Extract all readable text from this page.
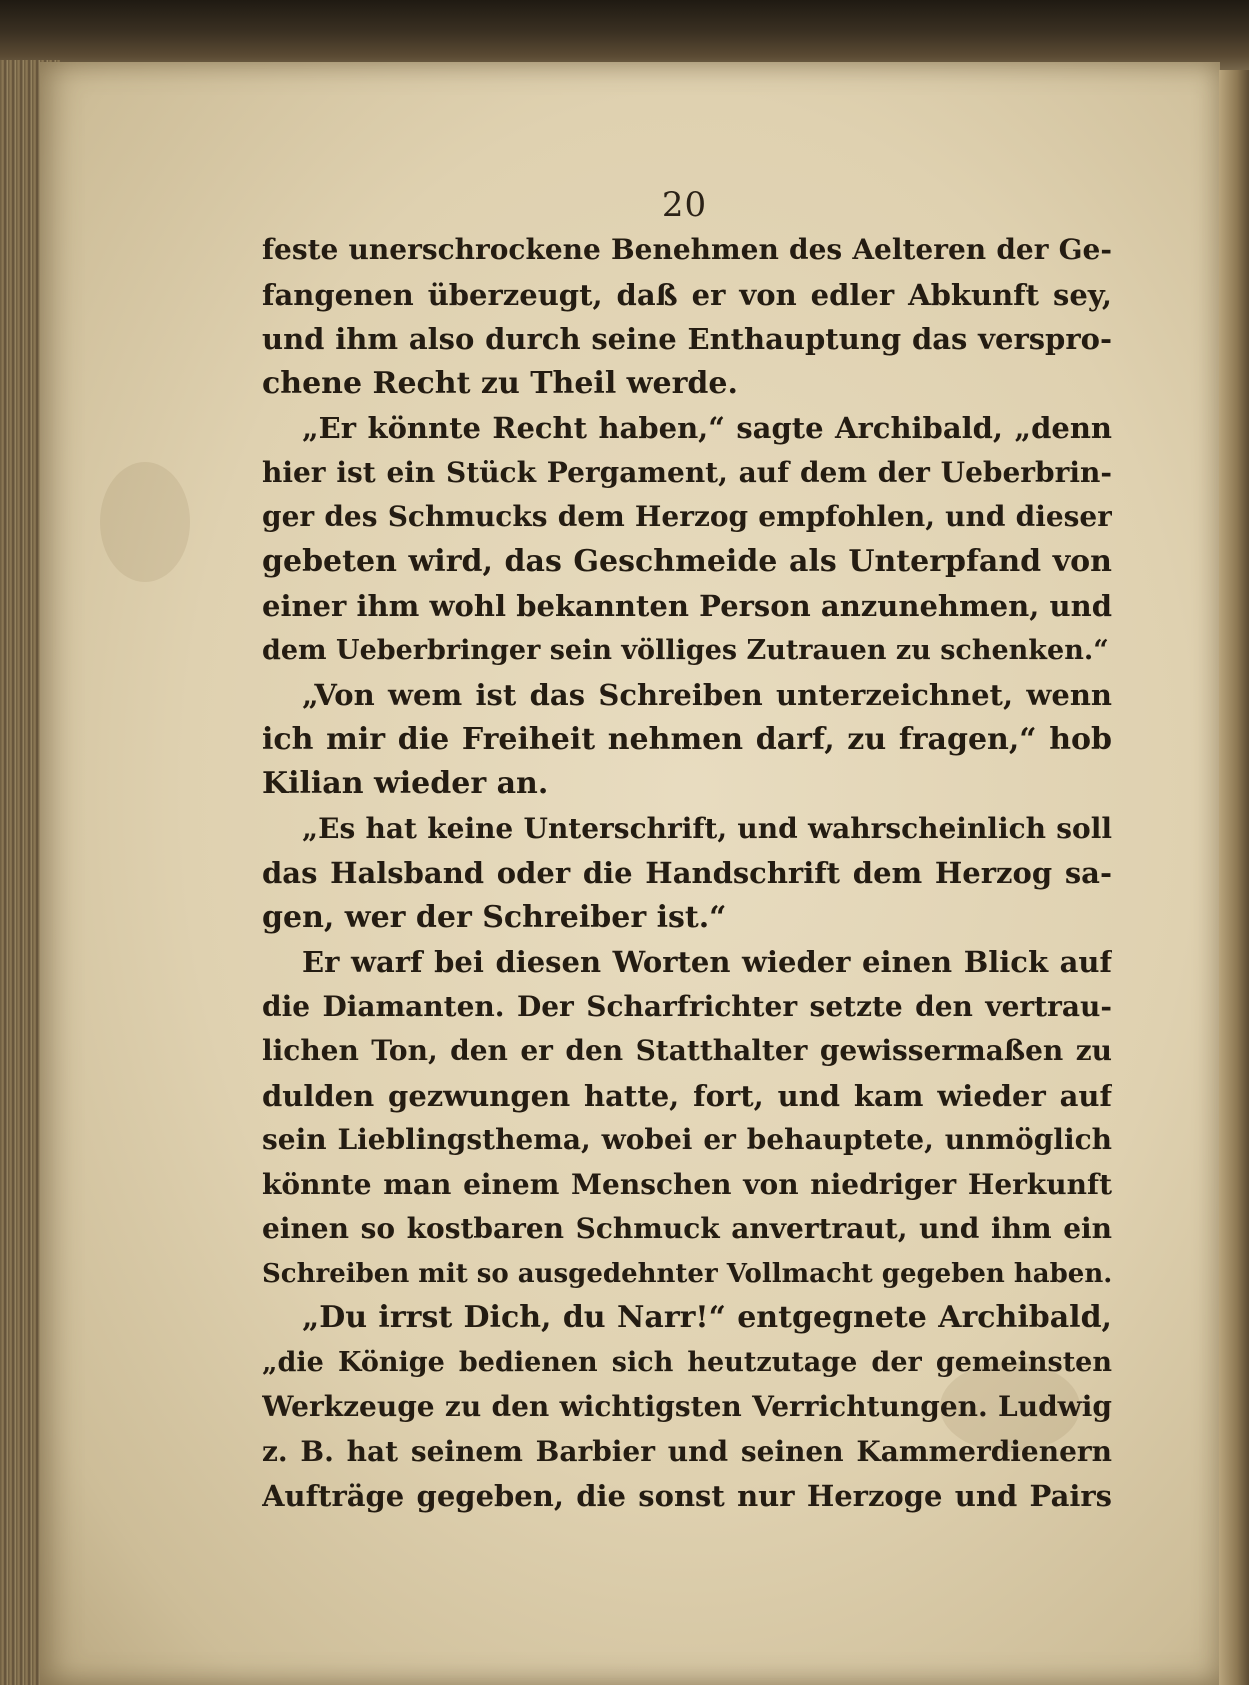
20
feste unerschrockene Benehmen des Aelteren der Ge-
fangenen überzeugt, daß er von edler Abkunft sey,
und ihm also durch seine Enthauptung das verspro-
chene Recht zu Theil werde.
„Er könnte Recht haben,“ sagte Archibald, „denn
hier ist ein Stück Pergament, auf dem der Ueberbrin-
ger des Schmucks dem Herzog empfohlen, und dieser
gebeten wird, das Geschmeide als Unterpfand von
einer ihm wohl bekannten Person anzunehmen, und
dem Ueberbringer sein völliges Zutrauen zu schenken.“
„Von wem ist das Schreiben unterzeichnet, wenn
ich mir die Freiheit nehmen darf, zu fragen,“ hob
Kilian wieder an.
„Es hat keine Unterschrift, und wahrscheinlich soll
das Halsband oder die Handschrift dem Herzog sa-
gen, wer der Schreiber ist.“
Er warf bei diesen Worten wieder einen Blick auf
die Diamanten. Der Scharfrichter setzte den vertrau-
lichen Ton, den er den Statthalter gewissermaßen zu
dulden gezwungen hatte, fort, und kam wieder auf
sein Lieblingsthema, wobei er behauptete, unmöglich
könnte man einem Menschen von niedriger Herkunft
einen so kostbaren Schmuck anvertraut, und ihm ein
Schreiben mit so ausgedehnter Vollmacht gegeben haben.
„Du irrst Dich, du Narr!“ entgegnete Archibald,
„die Könige bedienen sich heutzutage der gemeinsten
Werkzeuge zu den wichtigsten Verrichtungen. Ludwig
z. B. hat seinem Barbier und seinen Kammerdienern
Aufträge gegeben, die sonst nur Herzoge und Pairs
